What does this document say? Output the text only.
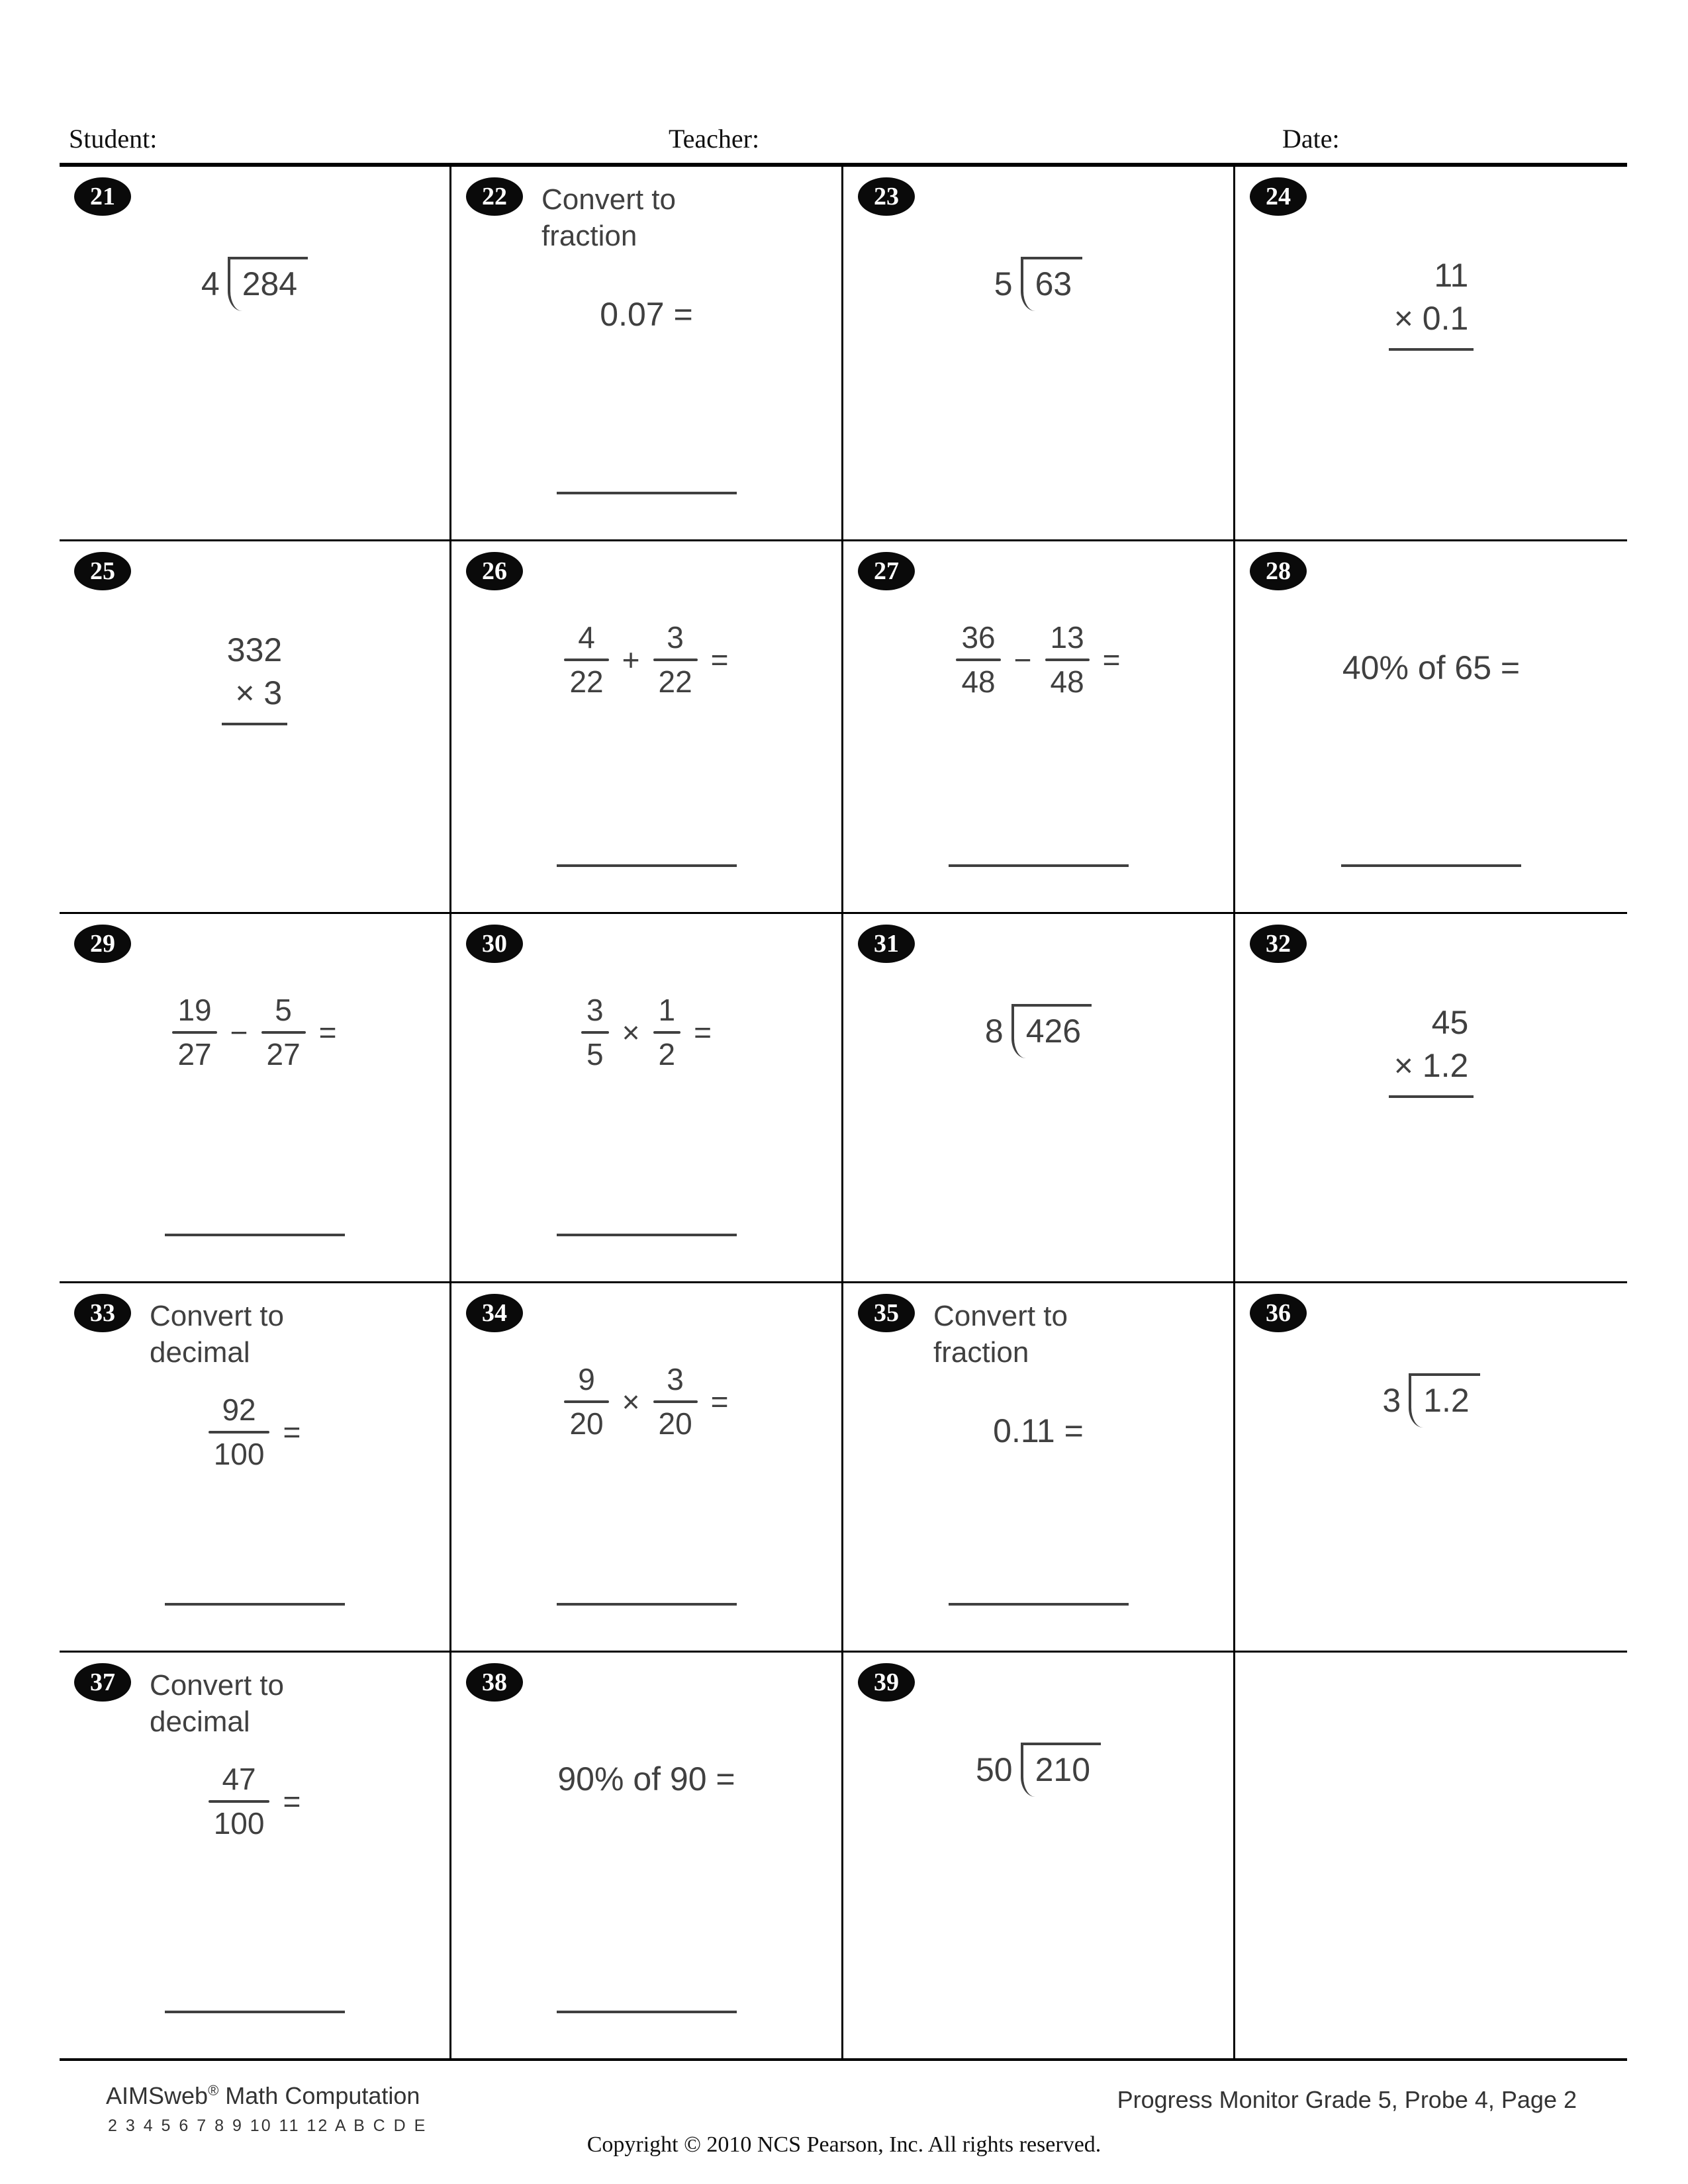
Student:	Teacher:	Date:
21
4 284
22	Convert to
fraction
0.07 =
23
5 63
24
11
× 0.1
25
332
× 3
26
$\frac{4}{22} + \frac{3}{22}$ =
27
$\frac{36}{48} - \frac{13}{48}$ =
28
40% of 65 =
29
$\frac{19}{27} - \frac{5}{27}$ =
30
$\frac{3}{5} \times \frac{1}{2}$ =
31
8 426
32
45
× 1.2
33	Convert to
decimal
$\frac{92}{100}$ =
34
$\frac{9}{20} \times \frac{3}{20}$ =
35	Convert to
fraction
0.11 =
36
3 1.2
37	Convert to
decimal
$\frac{47}{100}$ =
38
90% of 90 =
39
50 210
AIMSweb® Math Computation
2 3 4 5 6 7 8 9 10 11 12 A B C D E
Copyright © 2010 NCS Pearson, Inc. All rights reserved.
Progress Monitor Grade 5, Probe 4, Page 2
